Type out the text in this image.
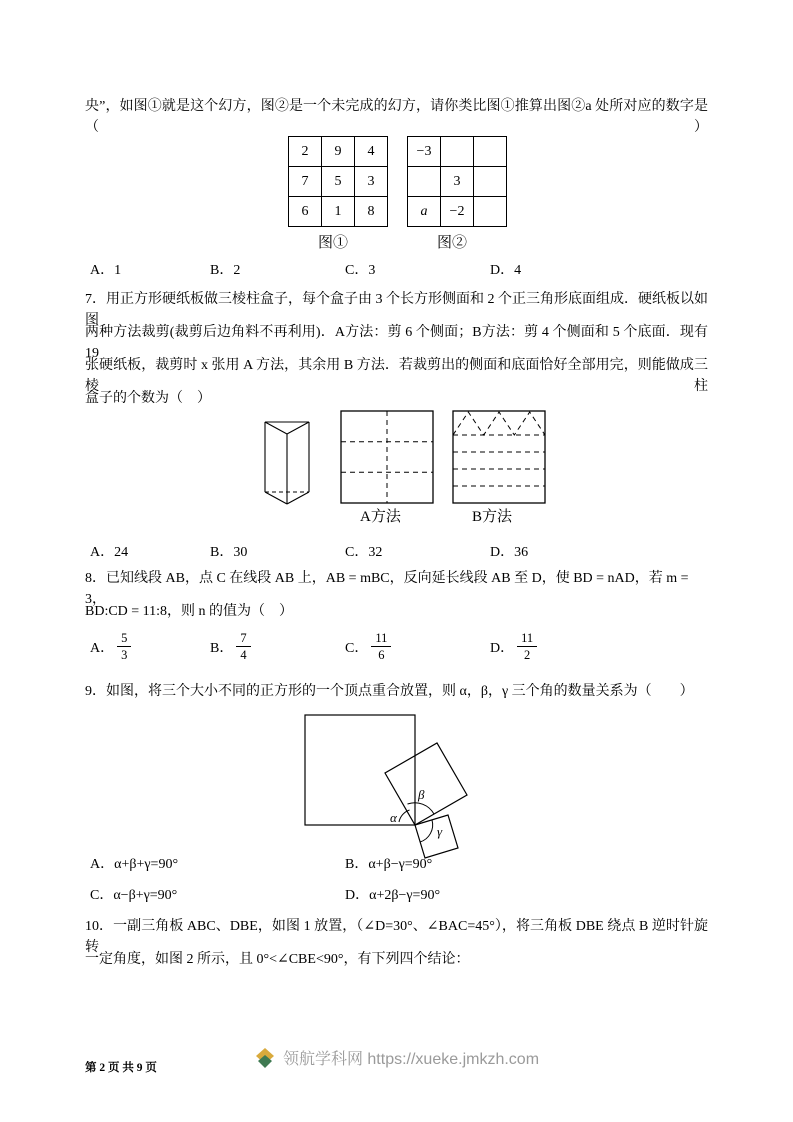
央”，如图①就是这个幻方，图②是一个未完成的幻方，请你类比图①推算出图②a 处所对应的数字是（　）
2	9	4
7	5	3
6	1	8
−3		
	3	
a	−2	
图①	图②
A．1	B．2	C．3	D．4
7．用正方形硬纸板做三棱柱盒子，每个盒子由 3 个长方形侧面和 2 个正三角形底面组成．硬纸板以如图
两种方法裁剪(裁剪后边角料不再利用)．A方法：剪 6 个侧面；B方法：剪 4 个侧面和 5 个底面．现有 19
张硬纸板，裁剪时 x 张用 A 方法，其余用 B 方法．若裁剪出的侧面和底面恰好全部用完，则能做成三棱柱
盒子的个数为（　）
A方法	B方法
A．24	B．30	C．32	D．36
8．已知线段 AB，点 C 在线段 AB 上，AB = mBC，反向延长线段 AB 至 D，使 BD = nAD，若 m = 3，
BD:CD = 11:8，则 n 的值为（　）
A． $\frac{5}{3}$	B． $\frac{7}{4}$	C． $\frac{11}{6}$	D． $\frac{11}{2}$
9．如图，将三个大小不同的正方形的一个顶点重合放置，则 α，β，γ 三个角的数量关系为（　　）
α
β
γ
A．α+β+γ=90°	B．α+β−γ=90°
C．α−β+γ=90°	D．α+2β−γ=90°
10．一副三角板 ABC、DBE，如图 1 放置，（∠D=30°、∠BAC=45°），将三角板 DBE 绕点 B 逆时针旋转
一定角度，如图 2 所示，且 0°<∠CBE<90°，有下列四个结论：
第 2 页 共 9 页	领航学科网 https://xueke.jmkzh.com
